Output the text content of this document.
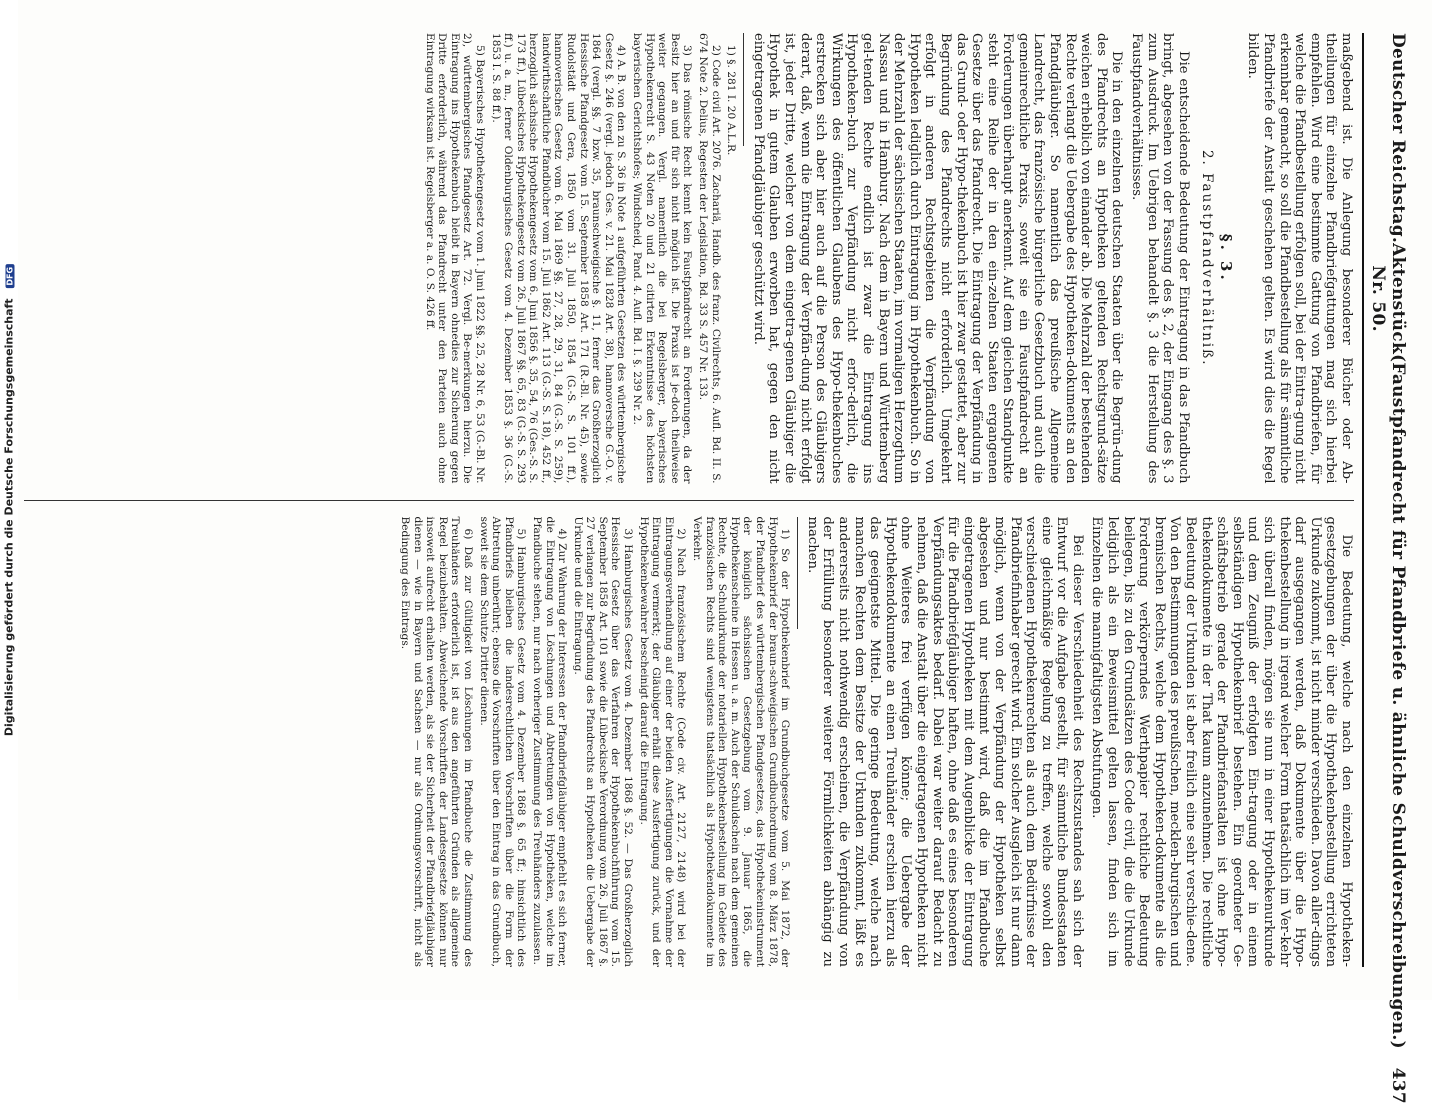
Deutscher Reichstag.
Aktenstück Nr. 50.
(Faustpfandrecht für Pfandbriefe u. ähnliche Schuldverschreibungen.)   437

maßgebend ist. Die Anlegung besonderer Bücher oder Ab-theilungen für einzelne Pfandbriefgattungen mag sich hierbei empfehlen. Wird eine bestimmte Gattung von Pfandbriefen, für welche die Pfandbestellung erfolgen soll, bei der Eintra-gung nicht erkennbar gemacht, so soll die Pfandbestellung als für sämmtliche Pfandbriefe der Anstalt geschehen gelten. Es wird dies die Regel bilden.

§. 3.
2. Faustpfandverhältniß.

Die entscheidende Bedeutung der Eintragung in das Pfandbuch bringt, abgesehen von der Fassung des §. 2, der Eingang des §. 3 zum Ausdruck. Im Uebrigen behandelt §. 3 die Herstellung des Faustpfandverhältnisses.

Die in den einzelnen deutschen Staaten über die Begrün-dung des Pfandrechts an Hypotheken geltenden Rechtsgrund-sätze weichen erheblich von einander ab. Die Mehrzahl der bestehenden Rechte verlangt die Uebergabe des Hypotheken-dokuments an den Pfandgläubiger. So namentlich das preußische Allgemeine Landrecht, das französische bürgerliche Gesetzbuch und auch die gemeinrechtliche Praxis, soweit sie ein Faustpfandrecht an Forderungen überhaupt anerkennt. Auf dem gleichen Standpunkte steht eine Reihe der in den ein-zelnen Staaten ergangenen Gesetze über das Pfandrecht. Die Eintragung der Verpfändung in das Grund- oder Hypo-thekenbuch ist hier zwar gestattet, aber zur Begründung des Pfandrechts nicht erforderlich. Umgekehrt erfolgt in anderen Rechtsgebieten die Verpfändung von Hypotheken lediglich durch Eintragung im Hypothekenbuch. So in der Mehrzahl der sächsischen Staaten, im vormaligen Herzogthum Nassau und in Hamburg. Nach dem in Bayern und Württemberg gel-tenden Rechte endlich ist zwar die Eintragung ins Hypotheken-buch zur Verpfändung nicht erfor-derlich, die Wirkungen des öffentlichen Glaubens des Hypo-thekenbuches erstrecken sich aber hier auch auf die Person des Gläubigers derart, daß, wenn die Eintragung der Verpfän-dung nicht erfolgt ist, jeder Dritte, welcher von dem eingetra-genen Gläubiger die Hypothek in gutem Glauben erworben hat, gegen den nicht eingetragenen Pfandgläubiger geschützt wird.

1) §. 281 I. 20 A.L.R.

2) Code civil Art. 2076. Zachariä, Handb. des franz. Civilrechts, 6. Aufl. Bd. II. S. 674 Note 2. Delius, Regesten der Legislation, Bd. 33 S. 457 Nr. 133.

3) Das römische Recht kennt kein Faustpfandrecht an Forderungen, da der Besitz hier an und für sich nicht möglich ist. Die Praxis ist je-doch theilweise weiter gegangen. Vergl. namentlich die bei Regelsberger, bayerisches Hypothekenrecht S. 43 Noten 20 und 21 citirten Erkenntnisse des höchsten bayerischen Gerichtshofes; Windscheid, Pand. 4. Aufl. Bd. I. §. 239 Nr. 2.

4) A. B. von den zu S. 36 in Note 1 aufgeführten Gesetzen des württembergische Gesetz §. 246 (vergl. jedoch Ges. v. 21. Mai 1828 Art. 38), hannoversche G.-O. v. 1864 (vergl. §§. 7 bzw. 35, braunschweigische §. 11, ferner das Großherzoglich Hessische Pfandgesetz vom 15. September 1858 Art. 171 (R.-Bl. Nr. 45), sowie Rudolstädt und Gera, 1850 vom 31. Juli 1850, 1854 (G.-S. S. 101 ff.), hannoverisches Gesetz vom 6. Mai 1869 §§. 27, 28, 29, 31, 84 (G.-S. S. 259), landwirthschaftliche Pfandbücher vom 15. Juli 1862 Art. 113 (G.-S. S. 18), 452 ff., herzoglich sächsische Hypothekengesetz vom 6. Juni 1856 §. 35, 54, 76 (Ges.-S. S. 173 ff.), Lübeckisches Hypothekengesetz vom 26. Juli 1867 §§. 65, 83 (G.-S. S. 293 ff.) u. a. m., ferner Oldenburgisches Gesetz vom 4. Dezember 1853 §. 36 (G.-S. 1853 I. S. 88 ff.).

5) Bayerisches Hypothekengesetz vom 1. Juni 1822 §§. 25, 28 Nr. 6, 53 (G.-Bl. Nr. 2), württembergisches Pfandgesetz Art. 72. Vergl. Be-merkungen hierzu. Die Eintragung ins Hypothekenbuch bleibt in Bayern ohnedies zur Sicherung gegen Dritte erforderlich, während das Pfandrecht unter den Parteien auch ohne Eintragung wirksam ist. Regelsberger a. a. O. S. 426 ff.

Die Bedeutung, welche nach den einzelnen Hypotheken-gesetzgebungen der über die Hypothekenbestellung errichteten Urkunde zukommt, ist nicht minder verschieden. Davon aller-dings darf ausgegangen werden, daß Dokumente über die Hypo-thekenbestellung in irgend welcher Form thatsächlich im Ver-kehr sich überall finden, mögen sie nun in einer Hypothekenurkunde und dem Zeugniß der erfolgten Ein-tragung oder in einem selbständigen Hypothekenbrief bestehen. Ein geordneter Ge-schäftsbetrieb gerade der Pfandbriefanstalten ist ohne Hypo-thekendokumente in der That kaum anzunehmen. Die rechtliche Bedeutung der Urkunden ist aber freilich eine sehr verschie-dene. Von den Bestimmungen des preußischen, mecklen-burgischen und bremischen Rechts, welche dem Hypotheken-dokumente als die Forderung verkörperndes Werthpapier rechtliche Bedeutung beilegen, bis zu den Grundsätzen des Code civil, die die Urkunde lediglich als ein Beweismittel gelten lassen, finden sich im Einzelnen die mannigfaltigsten Abstufungen.

Bei dieser Verschiedenheit des Rechtszustandes sah sich der Entwurf vor die Aufgabe gestellt, für sämmtliche Bundesstaaten eine gleichmäßige Regelung zu treffen, welche sowohl den verschiedenen Hypothekenrechten als auch dem Bedürfnisse der Pfandbriefinhaber gerecht wird. Ein solcher Ausgleich ist nur dann möglich, wenn von der Verpfändung der Hypotheken selbst abgesehen und nur bestimmt wird, daß die im Pfandbuche eingetragenen Hypotheken mit dem Augenblicke der Eintragung für die Pfandbriefgläubiger haften, ohne daß es eines besonderen Verpfändungsaktes bedarf. Dabei war weiter darauf Bedacht zu nehmen, daß die Anstalt über die eingetragenen Hypotheken nicht ohne Weiteres frei verfügen könne; die Uebergabe der Hypothekendokumente an einen Treuhänder erschien hierzu als das geeignetste Mittel. Die geringe Bedeutung, welche nach manchen Rechten dem Besitze der Urkunden zukommt, läßt es andererseits nicht nothwendig erscheinen, die Verpfändung von der Erfüllung besonderer weiterer Förmlichkeiten abhängig zu machen.

1) So der Hypothekenbrief im Grundbuchgesetze vom 5. Mai 1872, der Hypothekenbrief der braun-schweigischen Grundbuchordnung vom 8. März 1878, der Pfandbrief des württembergischen Pfandgesetzes, das Hypothekeninstrument der königlich sächsischen Gesetzgebung vom 9. Januar 1865, die Hypothekenscheine in Hessen u. a. m. Auch der Schuldschein nach dem gemeinen Rechte, die Schuldurkunde der notariellen Hypothekenbestellung im Gebiete des französischen Rechts sind wenigstens thatsächlich als Hypothekendokumente im Verkehr.

2) Nach französischem Rechte (Code civ. Art. 2127, 2148) wird bei der Eintragungsverhandlung auf einer der beiden Ausfertigungen die Vornahme der Eintragung vermerkt; der Gläubiger erhält diese Ausfertigung zurück, und der Hypothekenbewahrer bescheinigt darauf die Eintragung.

3) Hamburgisches Gesetz vom 4. Dezember 1868 §. 52. — Das Großherzoglich Hessische Gesetz über das Verfahren der Hypothekenbuchführung vom 15. September 1858 Art. 101 sowie die Lübeckische Verordnung vom 26. Juli 1867 §. 27 verlangen zur Begründung des Pfandrechts an Hypotheken die Uebergabe der Urkunde und die Eintragung.

4) Zur Wahrung der Interessen der Pfandbriefgläubiger empfiehlt es sich ferner, die Eintragung von Löschungen und Abtretungen von Hypotheken, welche im Pfandbuche stehen, nur nach vorheriger Zustimmung des Treuhänders zuzulassen.

5) Hamburgisches Gesetz vom 4. Dezember 1868 §. 65 ff.; hinsichtlich des Pfandbriefs bleiben die landesrechtlichen Vorschriften über die Form der Abtretung unberührt; ebenso die Vorschriften über den Eintrag in das Grundbuch, soweit sie dem Schutze Dritter dienen.

6) Daß zur Gültigkeit von Löschungen im Pfandbuche die Zustimmung des Treuhänders erforderlich ist, ist aus den angeführten Gründen als allgemeine Regel beizubehalten. Abweichende Vorschriften der Landesgesetze können nur insoweit aufrecht erhalten werden, als sie der Sicherheit der Pfandbriefgläubiger dienen — wie in Bayern und Sachsen — nur als Ordnungsvorschrift, nicht als Bedingung des Eintrags.

Digitalisierung gefördert durch die Deutsche Forschungsgemeinschaft DFG
